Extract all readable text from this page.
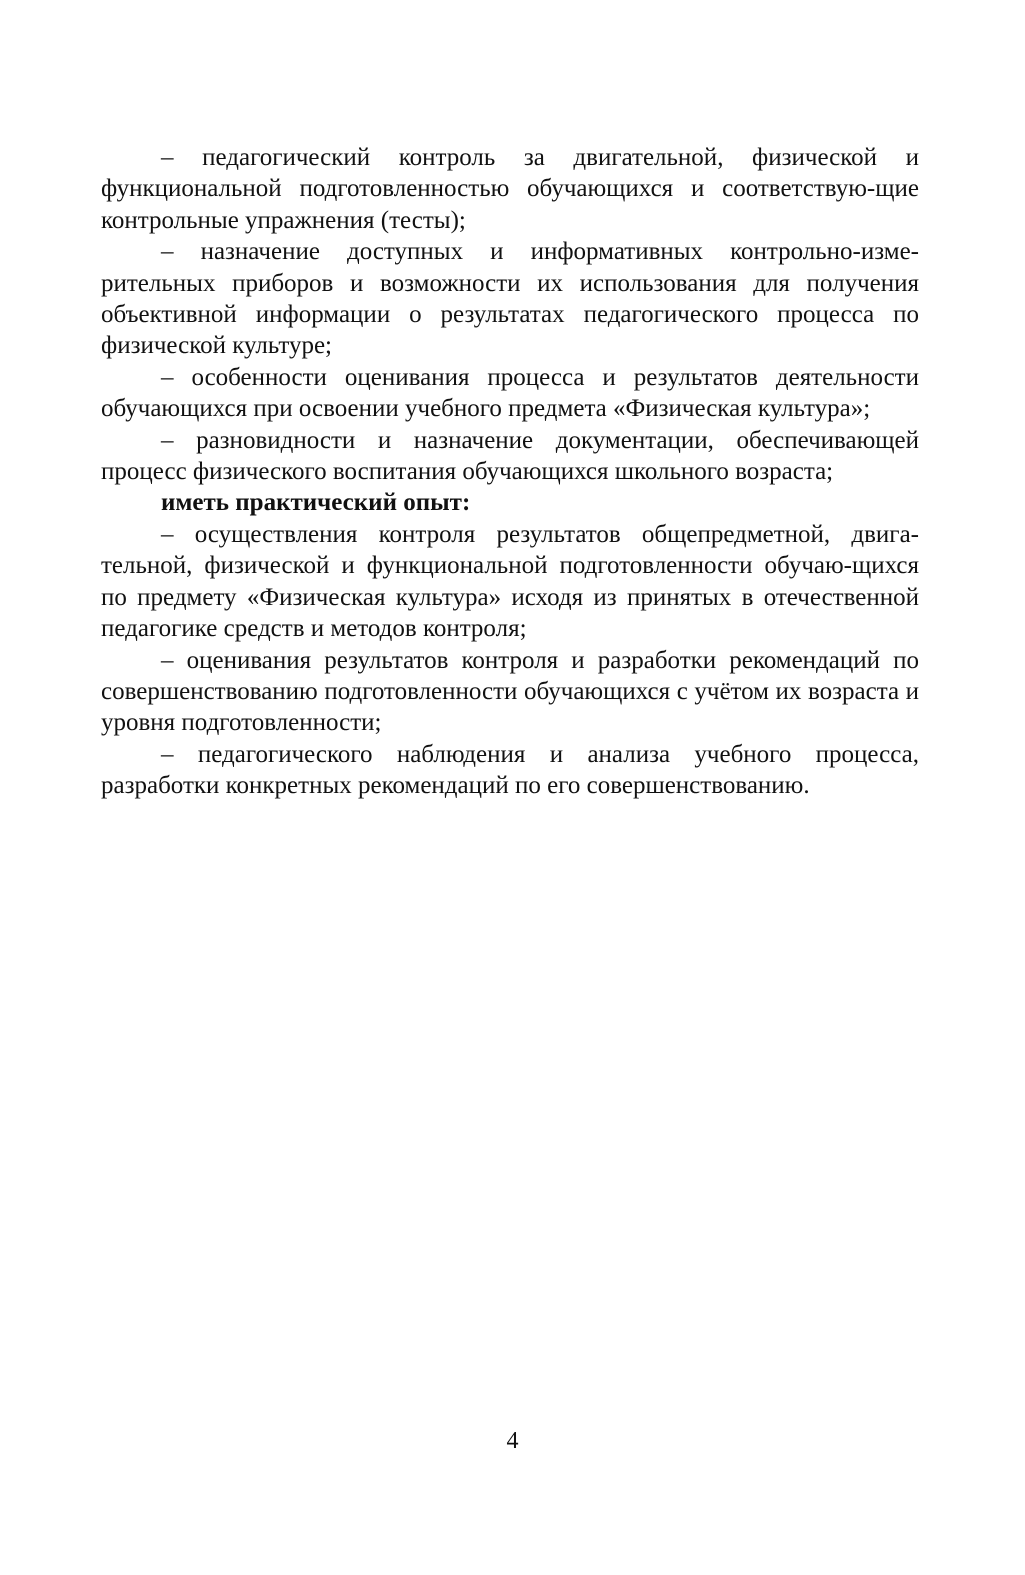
– педагогический контроль за двигательной, физической и функциональной подготовленностью обучающихся и соответствую-щие контрольные упражнения (тесты);

– назначение доступных и информативных контрольно-изме-рительных приборов и возможности их использования для получения объективной информации о результатах педагогического процесса по физической культуре;

– особенности оценивания процесса и результатов деятельности обучающихся при освоении учебного предмета «Физическая культура»;

– разновидности и назначение документации, обеспечивающей процесс физического воспитания обучающихся школьного возраста;

иметь практический опыт:

– осуществления контроля результатов общепредметной, двига-тельной, физической и функциональной подготовленности обучаю-щихся по предмету «Физическая культура» исходя из принятых в отечественной педагогике средств и методов контроля;

– оценивания результатов контроля и разработки рекомендаций по совершенствованию подготовленности обучающихся с учётом их возраста и уровня подготовленности;

– педагогического наблюдения и анализа учебного процесса, разработки конкретных рекомендаций по его совершенствованию.

4
